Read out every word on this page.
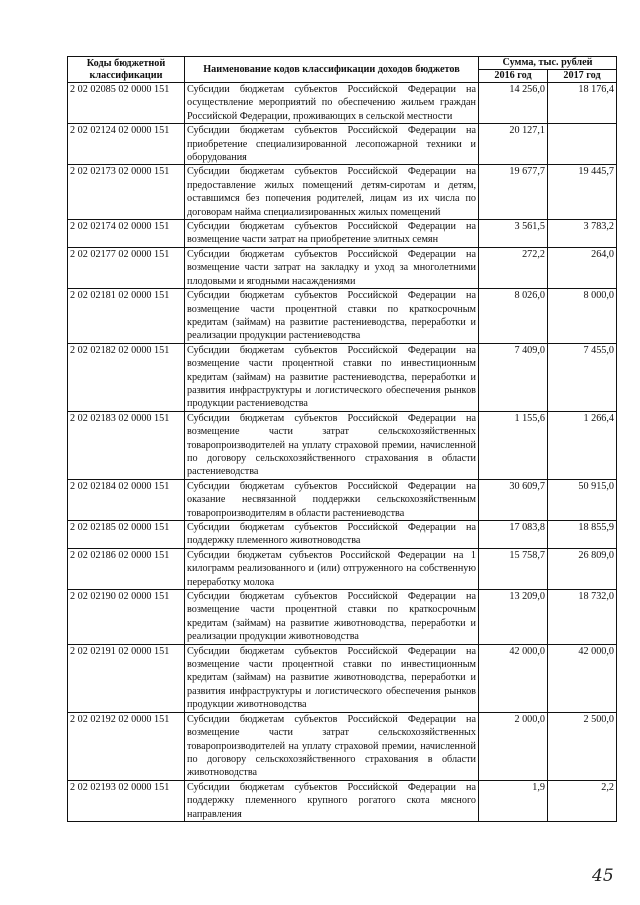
Коды бюджетной классификации	Наименование кодов классификации доходов бюджетов	Сумма, тыс. рублей	
		2016 год	2017 год
2 02 02085 02 0000 151	Субсидии бюджетам субъектов Российской Федерации на осуществление мероприятий по обеспечению жильем граждан Российской Федерации, проживающих в сельской местности	14 256,0	18 176,4
2 02 02124 02 0000 151	Субсидии бюджетам субъектов Российской Федерации на приобретение специализированной лесопожарной техники и оборудования	20 127,1	
2 02 02173 02 0000 151	Субсидии бюджетам субъектов Российской Федерации на предоставление жилых помещений детям-сиротам и детям, оставшимся без попечения родителей, лицам из их числа по договорам найма специализированных жилых помещений	19 677,7	19 445,7
2 02 02174 02 0000 151	Субсидии бюджетам субъектов Российской Федерации на возмещение части затрат на приобретение элитных семян	3 561,5	3 783,2
2 02 02177 02 0000 151	Субсидии бюджетам субъектов Российской Федерации на возмещение части затрат на закладку и уход за многолетними плодовыми и ягодными насаждениями	272,2	264,0
2 02 02181 02 0000 151	Субсидии бюджетам субъектов Российской Федерации на возмещение части процентной ставки по краткосрочным кредитам (займам) на развитие растениеводства, переработки и реализации продукции растениеводства	8 026,0	8 000,0
2 02 02182 02 0000 151	Субсидии бюджетам субъектов Российской Федерации на возмещение части процентной ставки по инвестиционным кредитам (займам) на развитие растениеводства, переработки и развития инфраструктуры и логистического обеспечения рынков продукции растениеводства	7 409,0	7 455,0
2 02 02183 02 0000 151	Субсидии бюджетам субъектов Российской Федерации на возмещение части затрат сельскохозяйственных товаропроизводителей на уплату страховой премии, начисленной по договору сельскохозяйственного страхования в области растениеводства	1 155,6	1 266,4
2 02 02184 02 0000 151	Субсидии бюджетам субъектов Российской Федерации на оказание несвязанной поддержки сельскохозяйственным товаропроизводителям в области растениеводства	30 609,7	50 915,0
2 02 02185 02 0000 151	Субсидии бюджетам субъектов Российской Федерации на поддержку племенного животноводства	17 083,8	18 855,9
2 02 02186 02 0000 151	Субсидии бюджетам субъектов Российской Федерации на 1 килограмм реализованного и (или) отгруженного на собственную переработку молока	15 758,7	26 809,0
2 02 02190 02 0000 151	Субсидии бюджетам субъектов Российской Федерации на возмещение части процентной ставки по краткосрочным кредитам (займам) на развитие животноводства, переработки и реализации продукции животноводства	13 209,0	18 732,0
2 02 02191 02 0000 151	Субсидии бюджетам субъектов Российской Федерации на возмещение части процентной ставки по инвестиционным кредитам (займам) на развитие животноводства, переработки и развития инфраструктуры и логистического обеспечения рынков продукции животноводства	42 000,0	42 000,0
2 02 02192 02 0000 151	Субсидии бюджетам субъектов Российской Федерации на возмещение части затрат сельскохозяйственных товаропроизводителей на уплату страховой премии, начисленной по договору сельскохозяйственного страхования в области животноводства	2 000,0	2 500,0
2 02 02193 02 0000 151	Субсидии бюджетам субъектов Российской Федерации на поддержку племенного крупного рогатого скота мясного направления	1,9	2,2
45
